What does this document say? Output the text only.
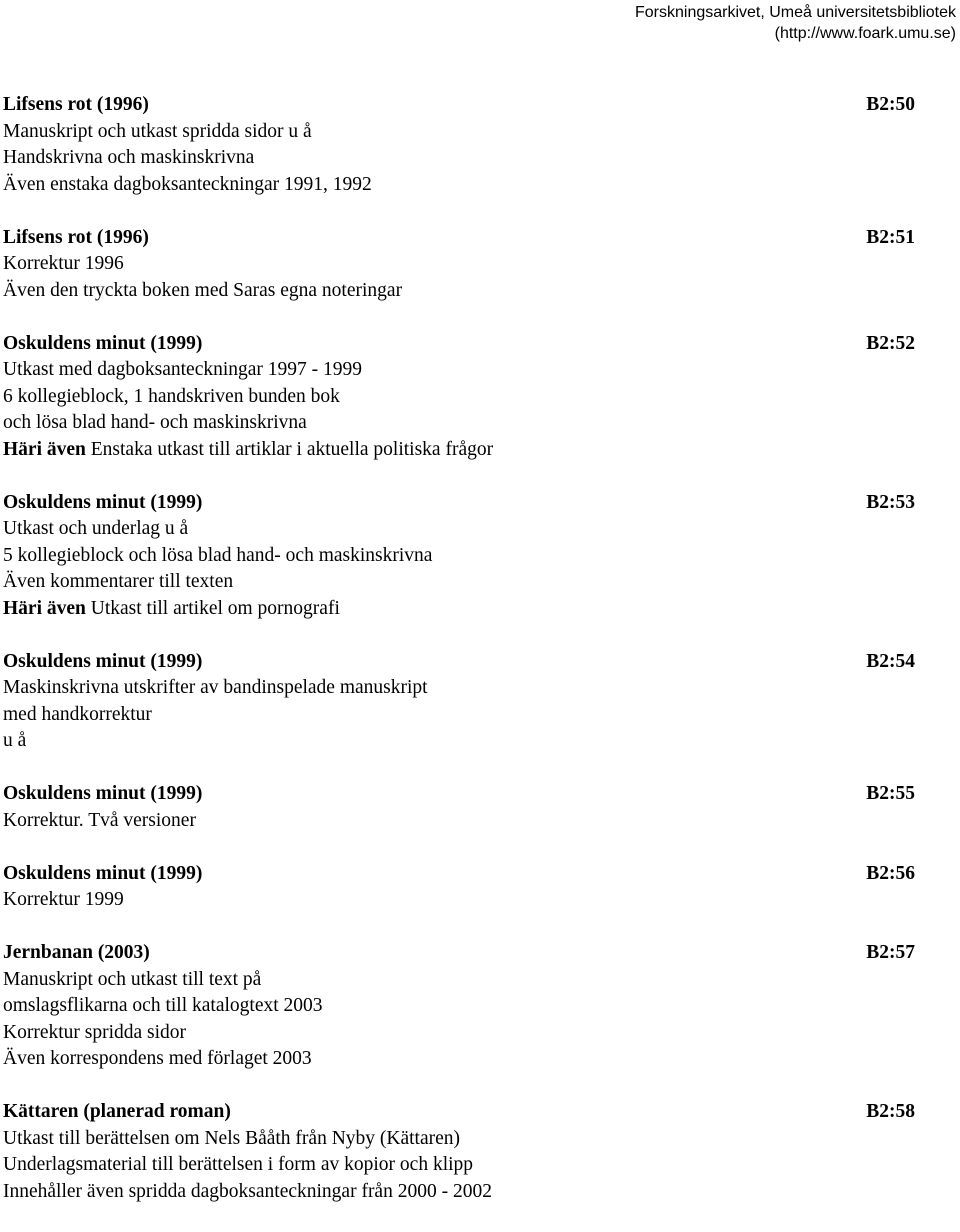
Forskningsarkivet, Umeå universitetsbibliotek
(http://www.foark.umu.se)
Lifsens rot (1996)	B2:50
Manuskript och utkast spridda sidor u å
Handskrivna och maskinskrivna
Även enstaka dagboksanteckningar 1991, 1992
Lifsens rot (1996)	B2:51
Korrektur 1996
Även den tryckta boken med Saras egna noteringar
Oskuldens minut (1999)	B2:52
Utkast med dagboksanteckningar 1997 - 1999
6 kollegieblock, 1 handskriven bunden bok
och lösa blad hand- och maskinskrivna
Häri även Enstaka utkast till artiklar i aktuella politiska frågor
Oskuldens minut (1999)	B2:53
Utkast och underlag u å
5 kollegieblock och lösa blad hand- och maskinskrivna
Även kommentarer till texten
Häri även Utkast till artikel om pornografi
Oskuldens minut (1999)	B2:54
Maskinskrivna utskrifter av bandinspelade manuskript
med handkorrektur
u å
Oskuldens minut (1999)	B2:55
Korrektur. Två versioner
Oskuldens minut (1999)	B2:56
Korrektur 1999
Jernbanan (2003)	B2:57
Manuskript och utkast till text på
omslagsflikarna och till katalogtext 2003
Korrektur spridda sidor
Även korrespondens med förlaget 2003
Kättaren (planerad roman)	B2:58
Utkast till berättelsen om Nels Bååth från Nyby (Kättaren)
Underlagsmaterial till berättelsen i form av kopior och klipp
Innehåller även spridda dagboksanteckningar från 2000 - 2002
